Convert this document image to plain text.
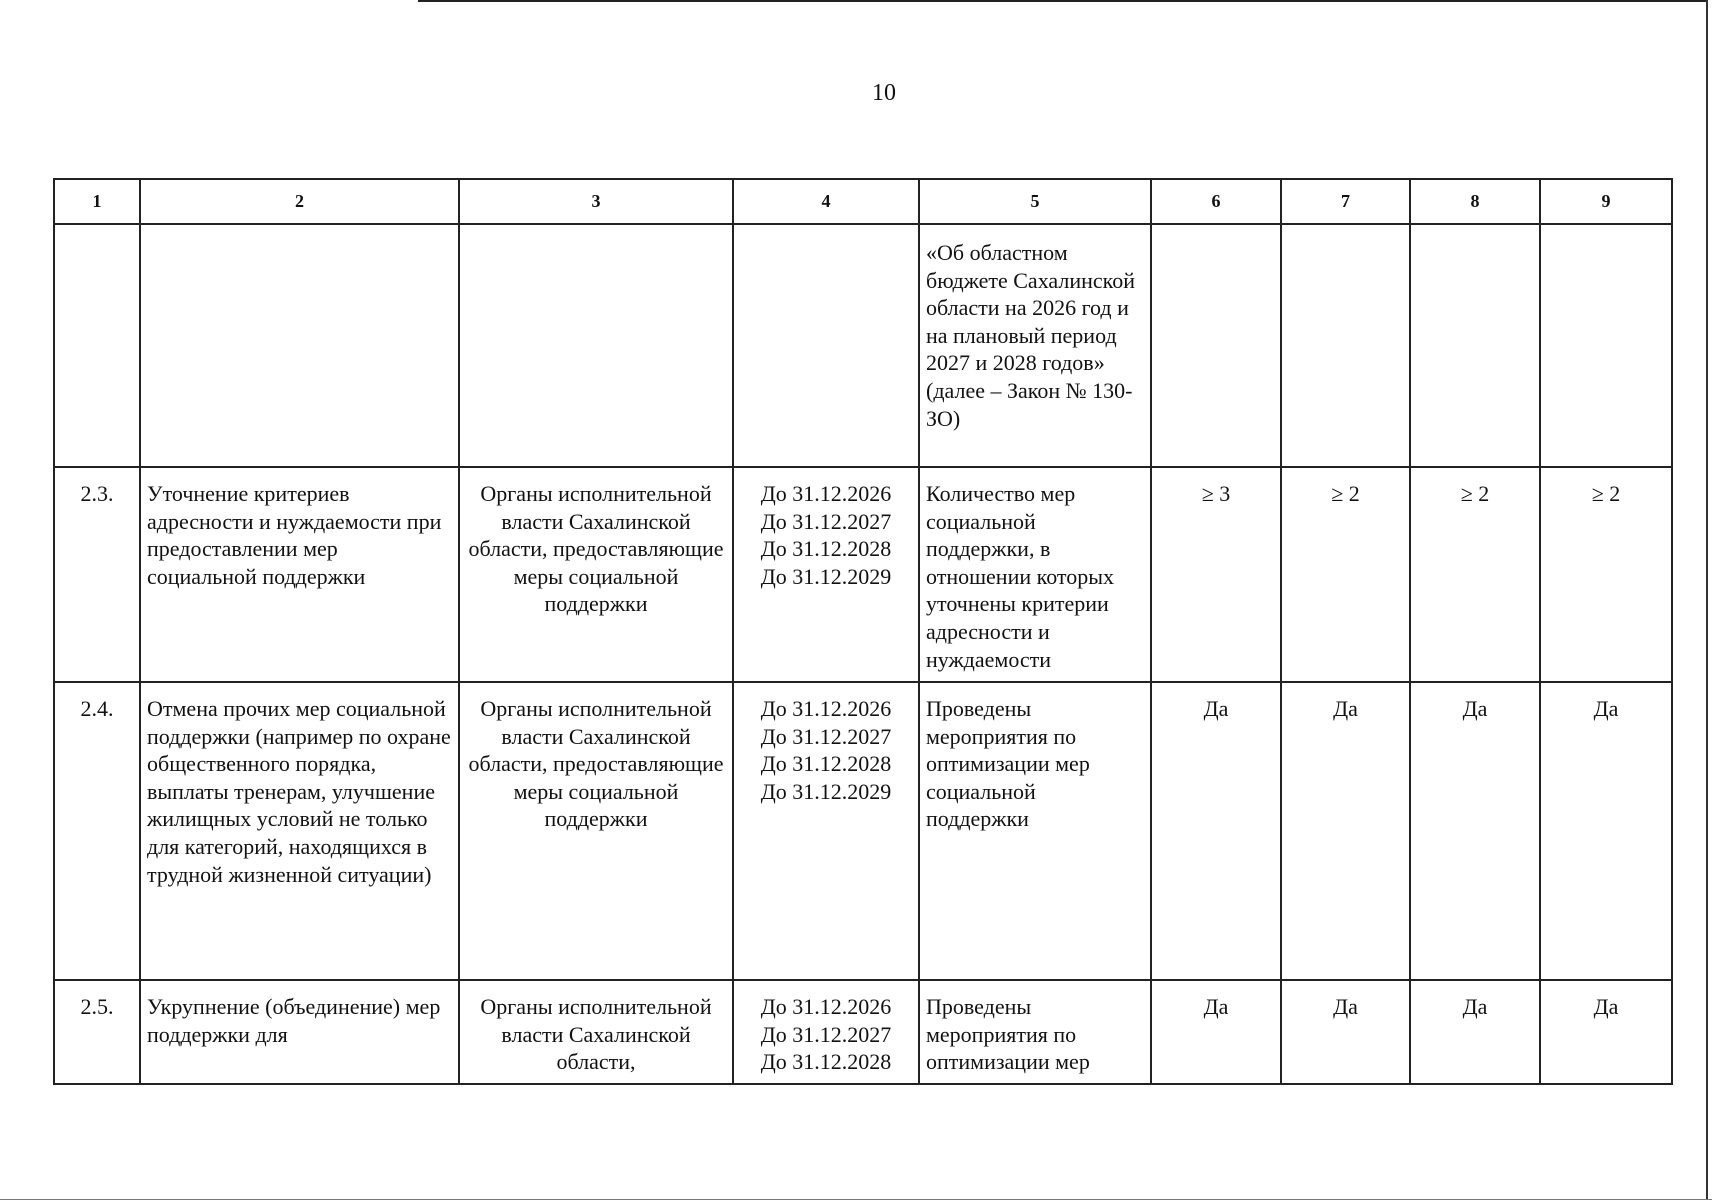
10
1	2	3	4	5	6	7	8	9

				«Об областном бюджете Сахалинской области на 2026 год и на плановый период 2027 и 2028 годов» (далее – Закон № 130-ЗО)				

2.3.	Уточнение критериев адресности и нуждаемости при предоставлении мер социальной поддержки	Органы исполнительной власти Сахалинской области, предоставляющие меры социальной поддержки	До 31.12.2026
До 31.12.2027
До 31.12.2028
До 31.12.2029	Количество мер социальной поддержки, в отношении которых уточнены критерии адресности и нуждаемости	≥ 3	≥ 2	≥ 2	≥ 2

2.4.	Отмена прочих мер социальной поддержки (например по охране общественного порядка, выплаты тренерам, улучшение жилищных условий не только для категорий, находящихся в трудной жизненной ситуации)	Органы исполнительной власти Сахалинской области, предоставляющие меры социальной поддержки	До 31.12.2026
До 31.12.2027
До 31.12.2028
До 31.12.2029	Проведены мероприятия по оптимизации мер социальной поддержки	Да	Да	Да	Да

2.5.	Укрупнение (объединение) мер поддержки для	Органы исполнительной власти Сахалинской области,	До 31.12.2026
До 31.12.2027
До 31.12.2028	Проведены мероприятия по оптимизации мер	Да	Да	Да	Да
